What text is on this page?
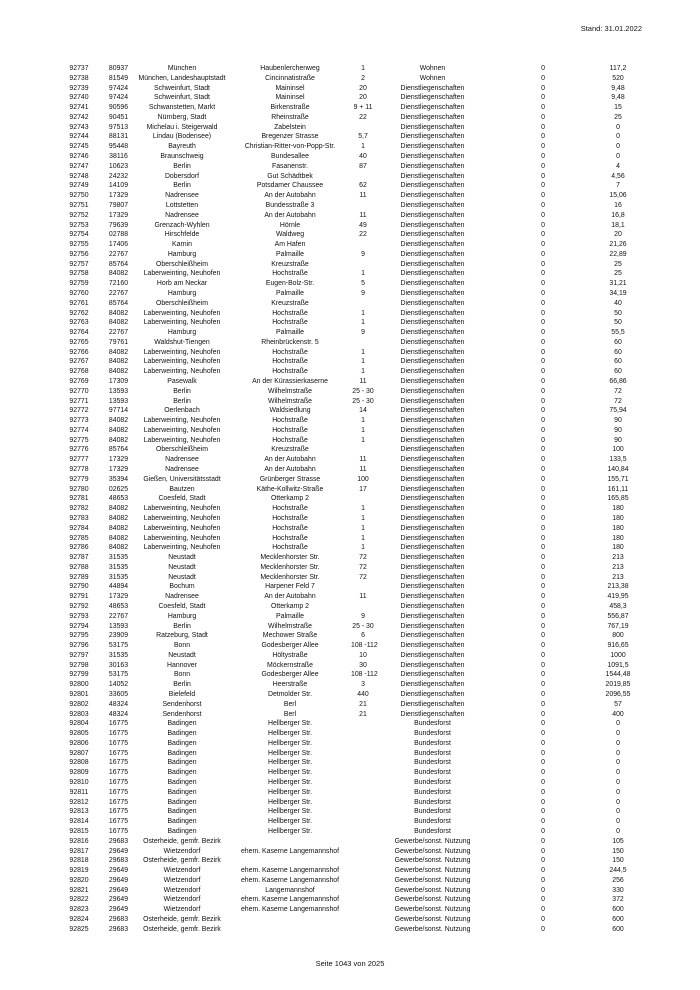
Stand: 31.01.2022
92737	80937	München	Haubenlerchenweg	1	Wohnen	0	117,2
92738	81549	München, Landeshauptstadt	Cincinnatistraße	2	Wohnen	0	520
92739	97424	Schweinfurt, Stadt	Maininsel	20	Dienstliegenschaften	0	9,48
92740	97424	Schweinfurt, Stadt	Maininsel	20	Dienstliegenschaften	0	9,48
92741	90596	Schwanstetten, Markt	Birkenstraße	9 + 11	Dienstliegenschaften	0	15
92742	90451	Nürnberg, Stadt	Rheinstraße	22	Dienstliegenschaften	0	25
92743	97513	Michelau i. Steigerwald	Zabelstein		Dienstliegenschaften	0	0
92744	88131	Lindau (Bodensee)	Bregenzer Strasse	5,7	Dienstliegenschaften	0	0
92745	95448	Bayreuth	Christian-Ritter-von-Popp-Str.	1	Dienstliegenschaften	0	0
92746	38116	Braunschweig	Bundesallee	40	Dienstliegenschaften	0	0
92747	10623	Berlin	Fasanenstr.	87	Dienstliegenschaften	0	4
92748	24232	Dobersdorf	Gut Schädtbek		Dienstliegenschaften	0	4,56
92749	14109	Berlin	Potsdamer Chaussee	62	Dienstliegenschaften	0	7
92750	17329	Nadrensee	An der Autobahn	11	Dienstliegenschaften	0	15,06
92751	79807	Lottstetten	Bundesstraße 3		Dienstliegenschaften	0	16
92752	17329	Nadrensee	An der Autobahn	11	Dienstliegenschaften	0	16,8
92753	79639	Grenzach-Wyhlen	Hörnle	49	Dienstliegenschaften	0	18,1
92754	02788	Hirschfelde	Waldweg	22	Dienstliegenschaften	0	20
92755	17406	Karnin	Am Hafen		Dienstliegenschaften	0	21,26
92756	22767	Hamburg	Palmaille	9	Dienstliegenschaften	0	22,89
92757	85764	Oberschleißheim	Kreuzstraße		Dienstliegenschaften	0	25
92758	84082	Laberweinting, Neuhofen	Hochstraße	1	Dienstliegenschaften	0	25
92759	72160	Horb am Neckar	Eugen-Bolz-Str.	5	Dienstliegenschaften	0	31,21
92760	22767	Hamburg	Palmaille	9	Dienstliegenschaften	0	34,19
92761	85764	Oberschleißheim	Kreuzstraße		Dienstliegenschaften	0	40
92762	84082	Laberweinting, Neuhofen	Hochstraße	1	Dienstliegenschaften	0	50
92763	84082	Laberweinting, Neuhofen	Hochstraße	1	Dienstliegenschaften	0	50
92764	22767	Hamburg	Palmaille	9	Dienstliegenschaften	0	55,5
92765	79761	Waldshut-Tiengen	Rheinbrückenstr. 5		Dienstliegenschaften	0	60
92766	84082	Laberweinting, Neuhofen	Hochstraße	1	Dienstliegenschaften	0	60
92767	84082	Laberweinting, Neuhofen	Hochstraße	1	Dienstliegenschaften	0	60
92768	84082	Laberweinting, Neuhofen	Hochstraße	1	Dienstliegenschaften	0	60
92769	17309	Pasewalk	An der Kürassierkaserne	11	Dienstliegenschaften	0	66,86
92770	13593	Berlin	Wilhelmstraße	25 - 30	Dienstliegenschaften	0	72
92771	13593	Berlin	Wilhelmstraße	25 - 30	Dienstliegenschaften	0	72
92772	97714	Oerlenbach	Waldsiedlung	14	Dienstliegenschaften	0	75,94
92773	84082	Laberweinting, Neuhofen	Hochstraße	1	Dienstliegenschaften	0	90
92774	84082	Laberweinting, Neuhofen	Hochstraße	1	Dienstliegenschaften	0	90
92775	84082	Laberweinting, Neuhofen	Hochstraße	1	Dienstliegenschaften	0	90
92776	85764	Oberschleißheim	Kreuzstraße		Dienstliegenschaften	0	100
92777	17329	Nadrensee	An der Autobahn	11	Dienstliegenschaften	0	133,5
92778	17329	Nadrensee	An der Autobahn	11	Dienstliegenschaften	0	140,84
92779	35394	Gießen, Universitätsstadt	Grünberger Strasse	100	Dienstliegenschaften	0	155,71
92780	02625	Bautzen	Käthe-Kollwitz-Straße	17	Dienstliegenschaften	0	161,11
92781	48653	Coesfeld, Stadt	Otterkamp 2		Dienstliegenschaften	0	165,85
92782	84082	Laberweinting, Neuhofen	Hochstraße	1	Dienstliegenschaften	0	180
92783	84082	Laberweinting, Neuhofen	Hochstraße	1	Dienstliegenschaften	0	180
92784	84082	Laberweinting, Neuhofen	Hochstraße	1	Dienstliegenschaften	0	180
92785	84082	Laberweinting, Neuhofen	Hochstraße	1	Dienstliegenschaften	0	180
92786	84082	Laberweinting, Neuhofen	Hochstraße	1	Dienstliegenschaften	0	180
92787	31535	Neustadt	Mecklenhorster Str.	72	Dienstliegenschaften	0	213
92788	31535	Neustadt	Mecklenhorster Str.	72	Dienstliegenschaften	0	213
92789	31535	Neustadt	Mecklenhorster Str.	72	Dienstliegenschaften	0	213
92790	44894	Bochum	Harpener Feld 7		Dienstliegenschaften	0	213,38
92791	17329	Nadrensee	An der Autobahn	11	Dienstliegenschaften	0	419,95
92792	48653	Coesfeld, Stadt	Otterkamp 2		Dienstliegenschaften	0	458,3
92793	22767	Hamburg	Palmaille	9	Dienstliegenschaften	0	556,87
92794	13593	Berlin	Wilhelmstraße	25 - 30	Dienstliegenschaften	0	767,19
92795	23909	Ratzeburg, Stadt	Mechower Straße	6	Dienstliegenschaften	0	800
92796	53175	Bonn	Godesberger Allee	108 -112	Dienstliegenschaften	0	916,65
92797	31535	Neustadt	Höltystraße	10	Dienstliegenschaften	0	1000
92798	30163	Hannover	Möckernstraße	30	Dienstliegenschaften	0	1091,5
92799	53175	Bonn	Godesberger Allee	108 -112	Dienstliegenschaften	0	1544,48
92800	14052	Berlin	Heerstraße	3	Dienstliegenschaften	0	2019,85
92801	33605	Bielefeld	Detmolder Str.	440	Dienstliegenschaften	0	2096,55
92802	48324	Sendenhorst	Berl	21	Dienstliegenschaften	0	57
92803	48324	Sendenhorst	Berl	21	Dienstliegenschaften	0	400
92804	16775	Badingen	Hellberger Str.		Bundesforst	0	0
92805	16775	Badingen	Hellberger Str.		Bundesforst	0	0
92806	16775	Badingen	Hellberger Str.		Bundesforst	0	0
92807	16775	Badingen	Hellberger Str.		Bundesforst	0	0
92808	16775	Badingen	Hellberger Str.		Bundesforst	0	0
92809	16775	Badingen	Hellberger Str.		Bundesforst	0	0
92810	16775	Badingen	Hellberger Str.		Bundesforst	0	0
92811	16775	Badingen	Hellberger Str.		Bundesforst	0	0
92812	16775	Badingen	Hellberger Str.		Bundesforst	0	0
92813	16775	Badingen	Hellberger Str.		Bundesforst	0	0
92814	16775	Badingen	Hellberger Str.		Bundesforst	0	0
92815	16775	Badingen	Hellberger Str.		Bundesforst	0	0
92816	29683	Osterheide, gemfr. Bezirk			Gewerbe/sonst. Nutzung	0	105
92817	29649	Wietzendorf	ehem. Kaserne Langemannshof		Gewerbe/sonst. Nutzung	0	150
92818	29683	Osterheide, gemfr. Bezirk			Gewerbe/sonst. Nutzung	0	150
92819	29649	Wietzendorf	ehem. Kaserne Langemannshof		Gewerbe/sonst. Nutzung	0	244,5
92820	29649	Wietzendorf	ehem. Kaserne Langemannshof		Gewerbe/sonst. Nutzung	0	256
92821	29649	Wietzendorf	Langemannshof		Gewerbe/sonst. Nutzung	0	330
92822	29649	Wietzendorf	ehem. Kaserne Langemannshof		Gewerbe/sonst. Nutzung	0	372
92823	29649	Wietzendorf	ehem. Kaserne Langemannshof		Gewerbe/sonst. Nutzung	0	600
92824	29683	Osterheide, gemfr. Bezirk			Gewerbe/sonst. Nutzung	0	600
92825	29683	Osterheide, gemfr. Bezirk			Gewerbe/sonst. Nutzung	0	600
Seite 1043 von 2025
